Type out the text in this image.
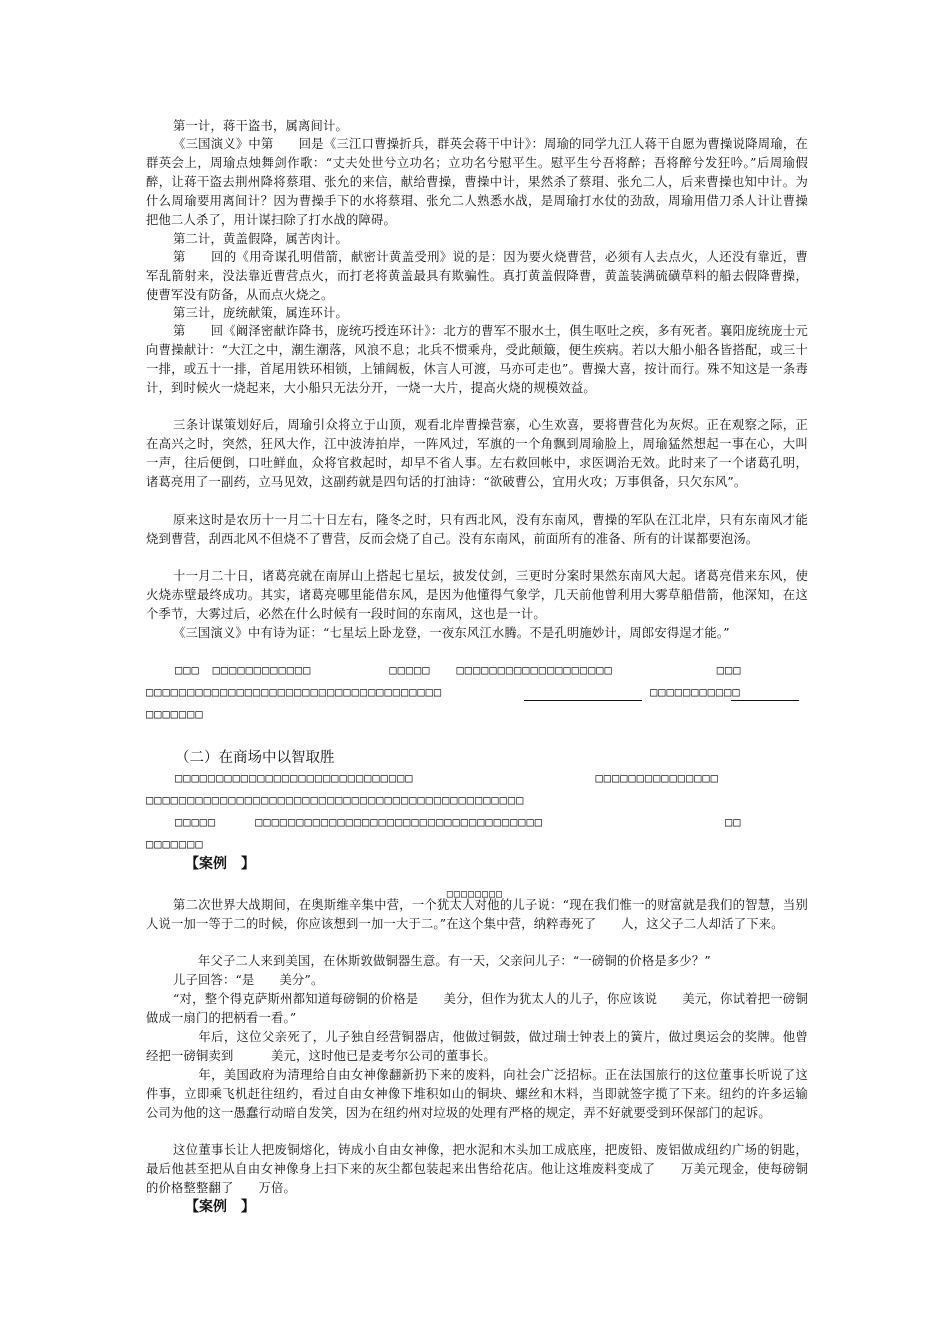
第一计，蒋干盗书，属离间计。

《三国演义》中第　　回是《三江口曹操折兵，群英会蒋干中计》：周瑜的同学九江人蒋干自愿为曹操说降周瑜，在群英会上，周瑜点烛舞剑作歌：“丈夫处世兮立功名；立功名兮慰平生。慰平生兮吾将醉；吾将醉兮发狂吟。”后周瑜假醉，让蒋干盗去荆州降将蔡瑁、张允的来信，献给曹操，曹操中计，果然杀了蔡瑁、张允二人，后来曹操也知中计。为什么周瑜要用离间计？因为曹操手下的水将蔡瑁、张允二人熟悉水战，是周瑜打水仗的劲敌，周瑜用借刀杀人计让曹操把他二人杀了，用计谋扫除了打水战的障碍。

第二计，黄盖假降，属苦肉计。

第　　回的《用奇谋孔明借箭，献密计黄盖受刑》说的是：因为要火烧曹营，必须有人去点火，人还没有靠近，曹军乱箭射来，没法靠近曹营点火，而打老将黄盖最具有欺骗性。真打黄盖假降曹，黄盖装满硫磺草料的船去假降曹操，使曹军没有防备，从而点火烧之。

第三计，庞统献策，属连环计。

第　　回《阚泽密献诈降书，庞统巧授连环计》：北方的曹军不服水土，俱生呕吐之疾，多有死者。襄阳庞统庞士元向曹操献计：“大江之中，潮生潮落，风浪不息；北兵不惯乘舟，受此颠簸，便生疾病。若以大船小船各皆搭配，或三十一排，或五十一排，首尾用铁环相锁，上铺阔板，休言人可渡，马亦可走也”。曹操大喜，按计而行。殊不知这是一条毒计，到时候火一烧起来，大小船只无法分开，一烧一大片，提高火烧的规模效益。

三条计谋策划好后，周瑜引众将立于山顶，观看北岸曹操营寨，心生欢喜，要将曹营化为灰烬。正在观察之际，正在高兴之时，突然，狂风大作，江中波涛拍岸，一阵风过，军旗的一个角飘到周瑜脸上，周瑜猛然想起一事在心，大叫一声，往后便倒，口吐鲜血，众将官救起时，却早不省人事。左右救回帐中，求医调治无效。此时来了一个诸葛孔明，诸葛亮用了一副药，立马见效，这副药就是四句话的打油诗：“欲破曹公，宜用火攻；万事俱备，只欠东风”。

原来这时是农历十一月二十日左右，隆冬之时，只有西北风，没有东南风，曹操的军队在江北岸，只有东南风才能烧到曹营，刮西北风不但烧不了曹营，反而会烧了自己。没有东南风，前面所有的准备、所有的计谋都要泡汤。

十一月二十日，诸葛亮就在南屏山上搭起七星坛，披发仗剑，三更时分案时果然东南风大起。诸葛亮借来东风，使火烧赤壁最终成功。其实，诸葛亮哪里能借东风，是因为他懂得气象学，几天前他曾利用大雾草船借箭，他深知，在这个季节，大雾过后，必然在什么时候有一段时间的东南风，这也是一计。

《三国演义》中有诗为证：“七星坛上卧龙登，一夜东风江水腾。不是孔明施妙计，周郎安得逞才能。”

□□□　□□□□□□□□□□□□　　　　　　□□□□□　　□□□□□□□□□□□□□□□□□□□　　　　　　　　□□□

□□□□□□□□□□□□□□□□□□□□□□□□□□□□□□□□□□□□　　　　　　　　　　　　　　　　□□□□□□□□□□□

□□□□□□□

（二）在商场中以智取胜

□□□□□□□□□□□□□□□□□□□□□□□□□□□□□　　　　　　　　　　　　　　□□□□□□□□□□□□□□□

□□□□□□□□□□□□□□□□□□□□□□□□□□□□□□□□□□□□□□□□□□□□□□

□□□□□　　　□□□□□□□□□□□□□□□□□□□□□□□□□□□□□□□□□□□　　　　　　　　　　　　　　□□

□□□□□□□

【案例　】

□□□□□□□□

第二次世界大战期间，在奥斯维辛集中营，一个犹太人对他的儿子说：“现在我们惟一的财富就是我们的智慧，当别人说一加一等于二的时候，你应该想到一加一大于二。”在这个集中营，纳粹毒死了　　人，这父子二人却活了下来。

　　年父子二人来到美国，在休斯敦做铜器生意。有一天，父亲问儿子：“一磅铜的价格是多少？”

儿子回答：“是　　美分”。

“对，整个得克萨斯州都知道每磅铜的价格是　　美分，但作为犹太人的儿子，你应该说　　美元，你试着把一磅铜做成一扇门的把柄看一看。”

　　年后，这位父亲死了，儿子独自经营铜器店，他做过铜鼓，做过瑞士钟表上的簧片，做过奥运会的奖牌。他曾经把一磅铜卖到　　　美元，这时他已是麦考尔公司的董事长。

　　年，美国政府为清理给自由女神像翻新扔下来的废料，向社会广泛招标。正在法国旅行的这位董事长听说了这件事，立即乘飞机赶往纽约，看过自由女神像下堆积如山的铜块、螺丝和木料，当即就签字揽了下来。纽约的许多运输公司为他的这一愚蠢行动暗自发笑，因为在纽约州对垃圾的处理有严格的规定，弄不好就要受到环保部门的起诉。

这位董事长让人把废铜熔化，铸成小自由女神像，把水泥和木头加工成底座，把废铅、废铝做成纽约广场的钥匙，最后他甚至把从自由女神像身上扫下来的灰尘都包装起来出售给花店。他让这堆废料变成了　　万美元现金，使每磅铜的价格整整翻了　　万倍。

【案例　】
